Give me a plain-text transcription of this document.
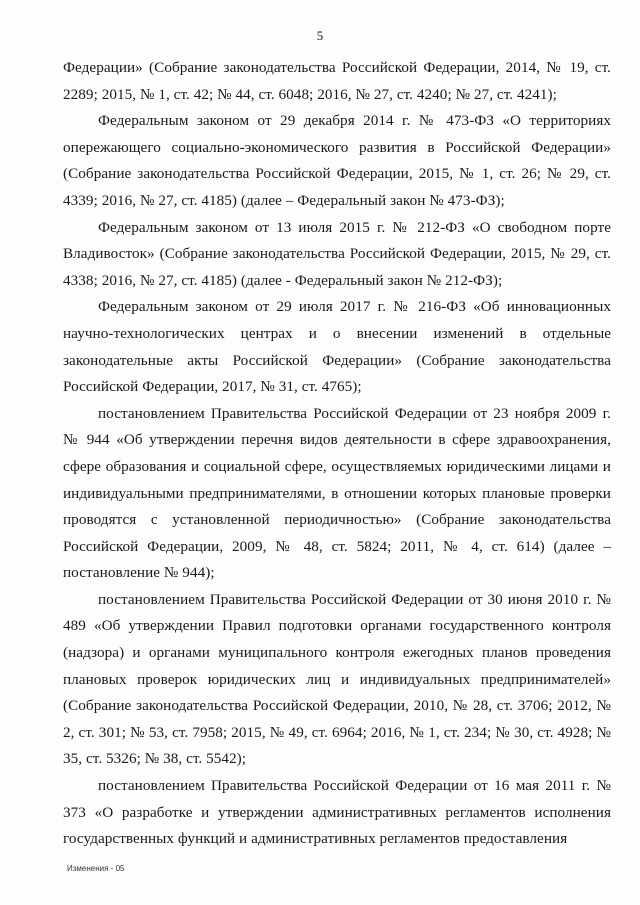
5

Федерации» (Собрание законодательства Российской Федерации, 2014, № 19, ст. 2289; 2015, № 1, ст. 42; № 44, ст. 6048; 2016, № 27, ст. 4240; № 27, ст. 4241);

Федеральным законом от 29 декабря 2014 г. № 473-ФЗ «О территориях опережающего социально-экономического развития в Российской Федерации» (Собрание законодательства Российской Федерации, 2015, № 1, ст. 26; № 29, ст. 4339; 2016, № 27, ст. 4185) (далее – Федеральный закон № 473-ФЗ);

Федеральным законом от 13 июля 2015 г. № 212-ФЗ «О свободном порте Владивосток» (Собрание законодательства Российской Федерации, 2015, № 29, ст. 4338; 2016, № 27, ст. 4185) (далее - Федеральный закон № 212-ФЗ);

Федеральным законом от 29 июля 2017 г. № 216-ФЗ «Об инновационных научно-технологических центрах и о внесении изменений в отдельные законодательные акты Российской Федерации» (Собрание законодательства Российской Федерации, 2017, № 31, ст. 4765);

постановлением Правительства Российской Федерации от 23 ноября 2009 г. № 944 «Об утверждении перечня видов деятельности в сфере здравоохранения, сфере образования и социальной сфере, осуществляемых юридическими лицами и индивидуальными предпринимателями, в отношении которых плановые проверки проводятся с установленной периодичностью» (Собрание законодательства Российской Федерации, 2009, № 48, ст. 5824; 2011, № 4, ст. 614) (далее – постановление № 944);

постановлением Правительства Российской Федерации от 30 июня 2010 г. № 489 «Об утверждении Правил подготовки органами государственного контроля (надзора) и органами муниципального контроля ежегодных планов проведения плановых проверок юридических лиц и индивидуальных предпринимателей» (Собрание законодательства Российской Федерации, 2010, № 28, ст. 3706; 2012, № 2, ст. 301; № 53, ст. 7958; 2015, № 49, ст. 6964; 2016, № 1, ст. 234; № 30, ст. 4928; № 35, ст. 5326; № 38, ст. 5542);

постановлением Правительства Российской Федерации от 16 мая 2011 г. № 373 «О разработке и утверждении административных регламентов исполнения государственных функций и административных регламентов предоставления

Изменения - 05
